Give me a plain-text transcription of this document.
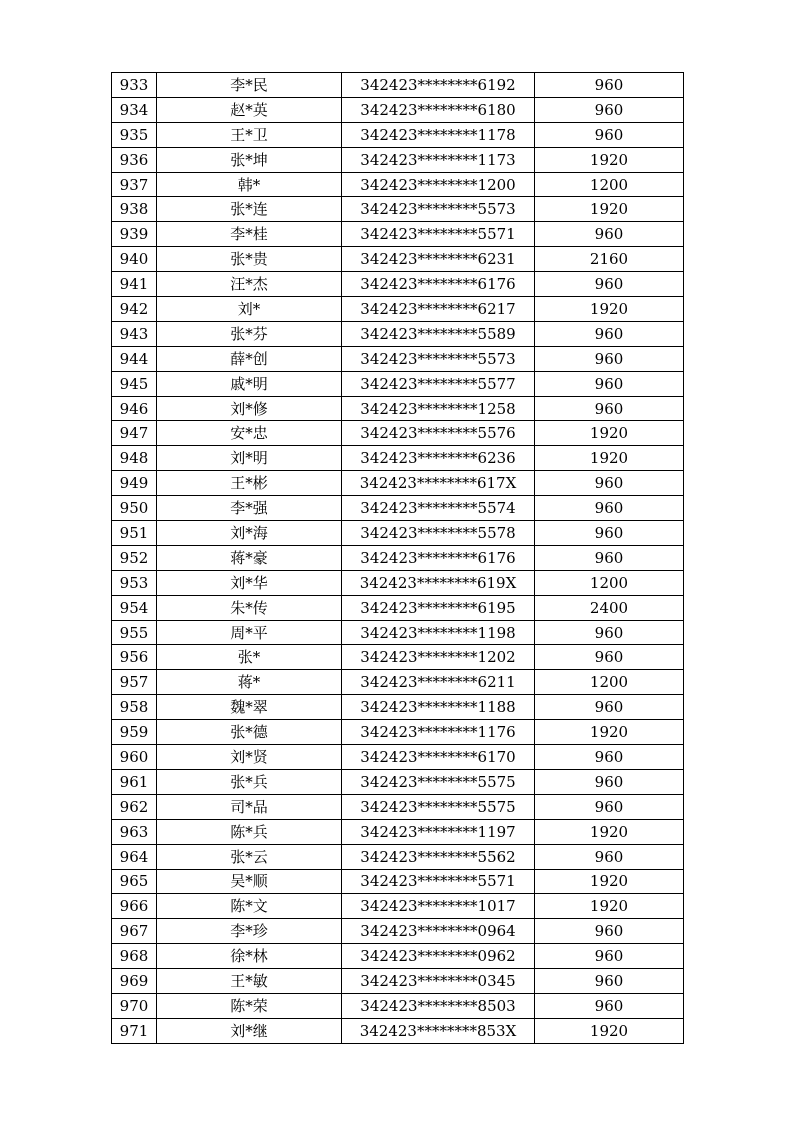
933	李*民	342423********6192	960
934	赵*英	342423********6180	960
935	王*卫	342423********1178	960
936	张*坤	342423********1173	1920
937	韩*	342423********1200	1200
938	张*连	342423********5573	1920
939	李*桂	342423********5571	960
940	张*贵	342423********6231	2160
941	汪*杰	342423********6176	960
942	刘*	342423********6217	1920
943	张*芬	342423********5589	960
944	薛*创	342423********5573	960
945	戚*明	342423********5577	960
946	刘*修	342423********1258	960
947	安*忠	342423********5576	1920
948	刘*明	342423********6236	1920
949	王*彬	342423********617X	960
950	李*强	342423********5574	960
951	刘*海	342423********5578	960
952	蒋*豪	342423********6176	960
953	刘*华	342423********619X	1200
954	朱*传	342423********6195	2400
955	周*平	342423********1198	960
956	张*	342423********1202	960
957	蒋*	342423********6211	1200
958	魏*翠	342423********1188	960
959	张*德	342423********1176	1920
960	刘*贤	342423********6170	960
961	张*兵	342423********5575	960
962	司*品	342423********5575	960
963	陈*兵	342423********1197	1920
964	张*云	342423********5562	960
965	吴*顺	342423********5571	1920
966	陈*文	342423********1017	1920
967	李*珍	342423********0964	960
968	徐*林	342423********0962	960
969	王*敏	342423********0345	960
970	陈*荣	342423********8503	960
971	刘*继	342423********853X	1920
